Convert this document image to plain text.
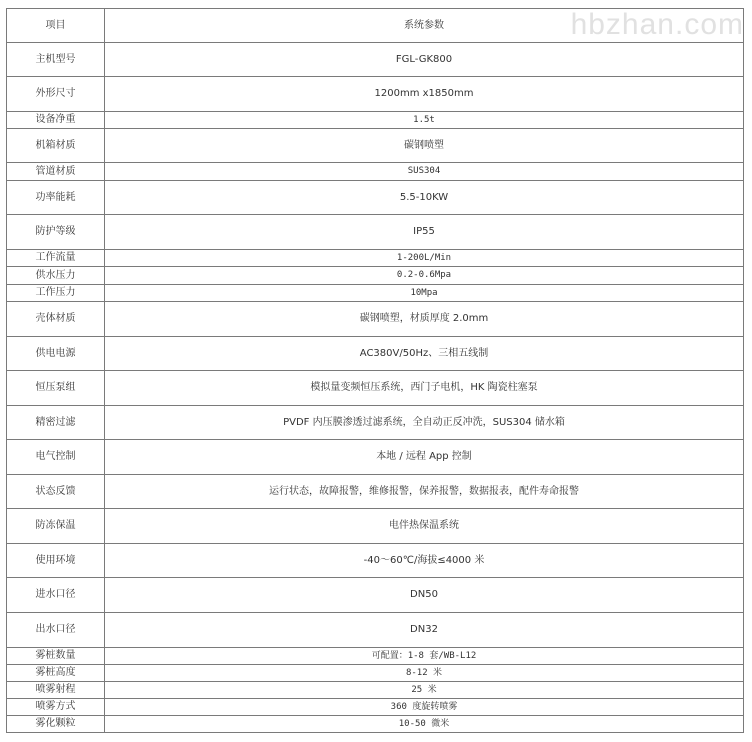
hbzhan.com
项目	系统参数
主机型号	FGL-GK800
外形尺寸	1200mm x1850mm
设备净重	1.5t
机箱材质	碳钢喷塑
管道材质	SUS304
功率能耗	5.5-10KW
防护等级	IP55
工作流量	1-200L/Min
供水压力	0.2-0.6Mpa
工作压力	10Mpa
壳体材质	碳钢喷塑，材质厚度 2.0mm
供电电源	AC380V/50Hz、三相五线制
恒压泵组	模拟量变频恒压系统，西门子电机，HK 陶瓷柱塞泵
精密过滤	PVDF 内压膜渗透过滤系统，全自动正反冲洗，SUS304 储水箱
电气控制	本地 / 远程 App 控制
状态反馈	运行状态，故障报警，维修报警，保养报警，数据报表，配件寿命报警
防冻保温	电伴热保温系统
使用环境	-40～60℃/海拔≤4000 米
进水口径	DN50
出水口径	DN32
雾桩数量	可配置：1-8 套/WB-L12
雾桩高度	8-12 米
喷雾射程	25 米
喷雾方式	360 度旋转喷雾
雾化颗粒	10-50 微米
